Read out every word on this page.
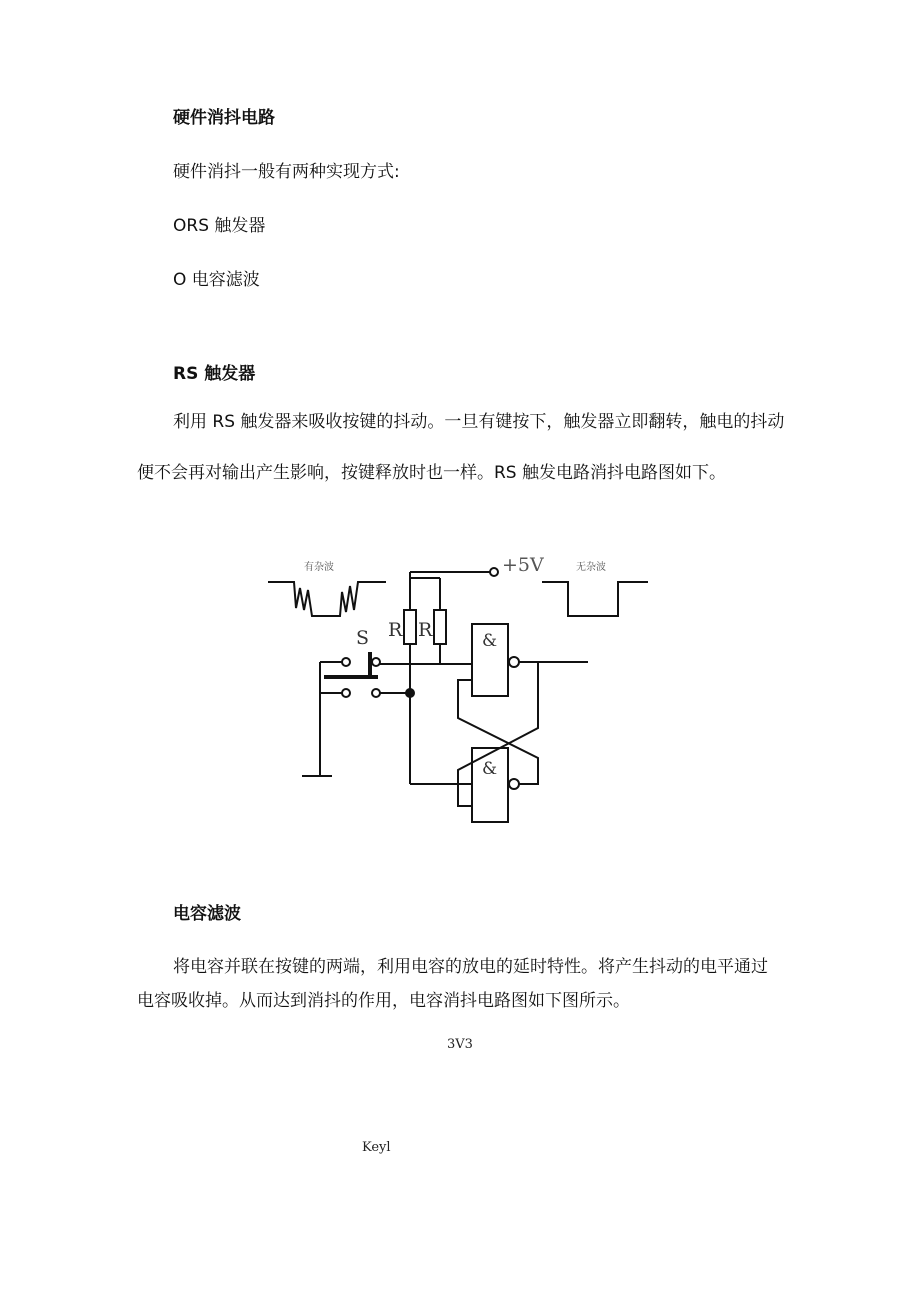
硬件消抖电路
硬件消抖一般有两种实现方式:
ORS 触发器
O 电容滤波
RS 触发器
利用 RS 触发器来吸收按键的抖动。一旦有键按下，触发器立即翻转，触电的抖动
便不会再对输出产生影响，按键释放时也一样。RS 触发电路消抖电路图如下。
有杂波	无杂波
+5V
S R R	&
&
电容滤波
将电容并联在按键的两端，利用电容的放电的延时特性。将产生抖动的电平通过
电容吸收掉。从而达到消抖的作用，电容消抖电路图如下图所示。
3V3
Keyl
